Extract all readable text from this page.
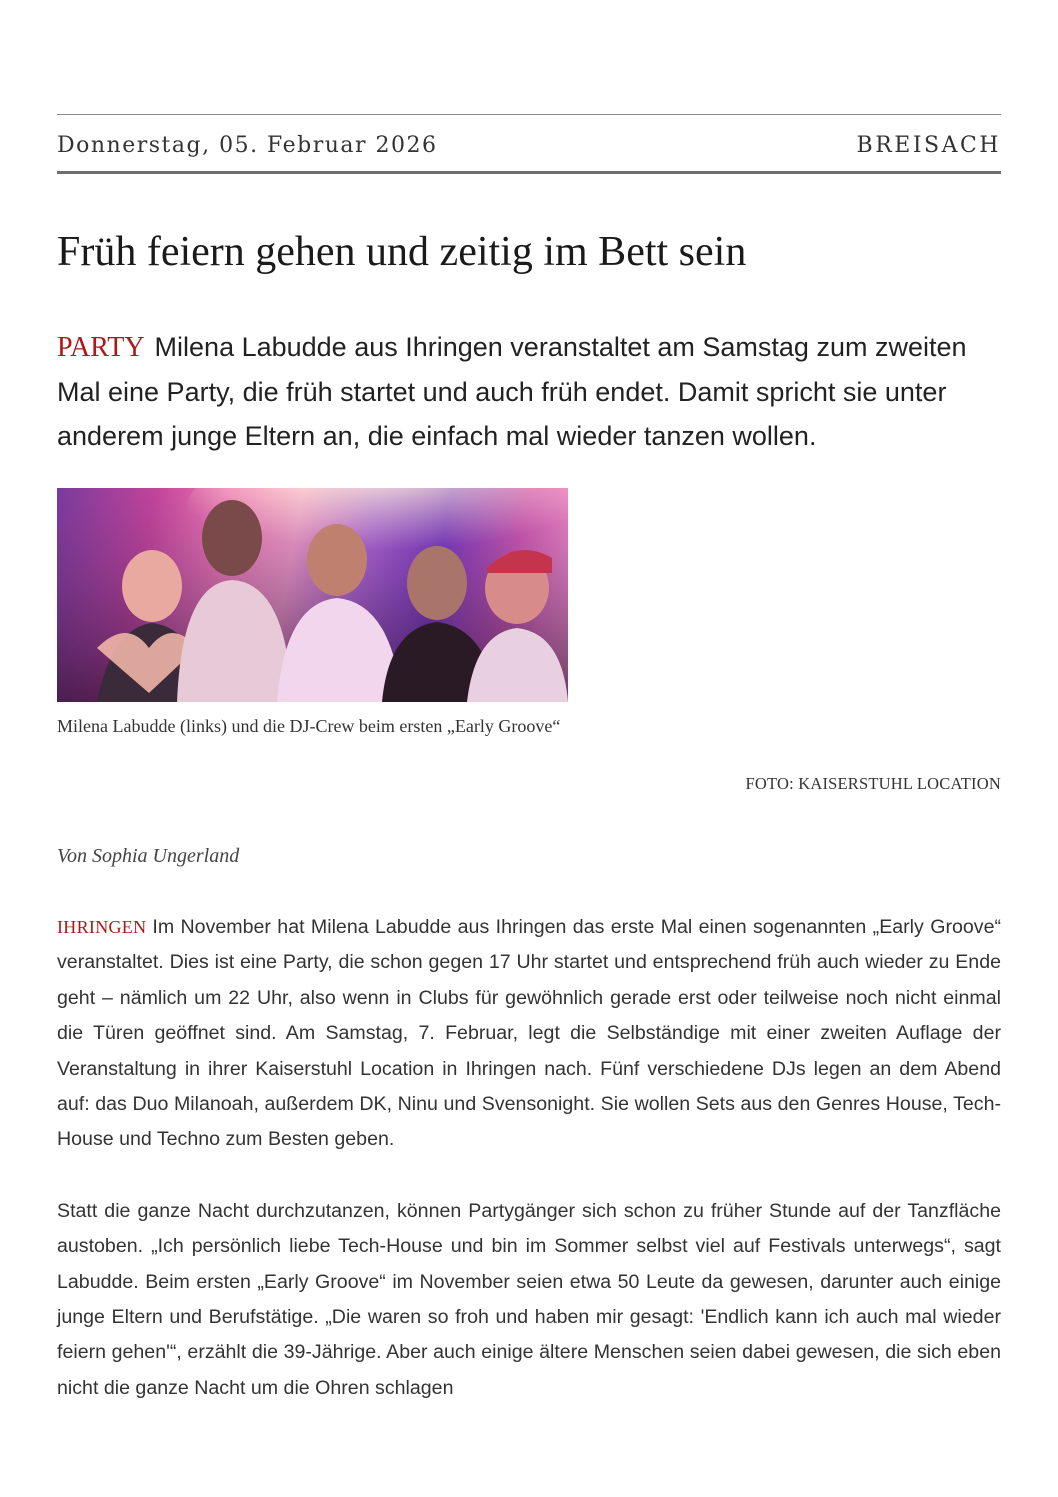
Donnerstag, 05. Februar 2026	BREISACH
Früh feiern gehen und zeitig im Bett sein

PARTY Milena Labudde aus Ihringen veranstaltet am Samstag zum zweiten Mal eine Party, die früh startet und auch früh endet. Damit spricht sie unter anderem junge Eltern an, die einfach mal wieder tanzen wollen.

Milena Labudde (links) und die DJ-Crew beim ersten „Early Groove“
FOTO: KAISERSTUHL LOCATION
Von Sophia Ungerland

IHRINGEN Im November hat Milena Labudde aus Ihringen das erste Mal einen sogenannten „Early Groove“ veranstaltet. Dies ist eine Party, die schon gegen 17 Uhr startet und entsprechend früh auch wieder zu Ende geht – nämlich um 22 Uhr, also wenn in Clubs für gewöhnlich gerade erst oder teilweise noch nicht einmal die Türen geöffnet sind. Am Samstag, 7. Februar, legt die Selbständige mit einer zweiten Auflage der Veranstaltung in ihrer Kaiserstuhl Location in Ihringen nach. Fünf verschiedene DJs legen an dem Abend auf: das Duo Milanoah, außerdem DK, Ninu und Svensonight. Sie wollen Sets aus den Genres House, Tech-House und Techno zum Besten geben.

Statt die ganze Nacht durchzutanzen, können Partygänger sich schon zu früher Stunde auf der Tanzfläche austoben. „Ich persönlich liebe Tech-House und bin im Sommer selbst viel auf Festivals unterwegs“, sagt Labudde. Beim ersten „Early Groove“ im November seien etwa 50 Leute da gewesen, darunter auch einige junge Eltern und Berufstätige. „Die waren so froh und haben mir gesagt: 'Endlich kann ich auch mal wieder feiern gehen'“, erzählt die 39-Jährige. Aber auch einige ältere Menschen seien dabei gewesen, die sich eben nicht die ganze Nacht um die Ohren schlagen
